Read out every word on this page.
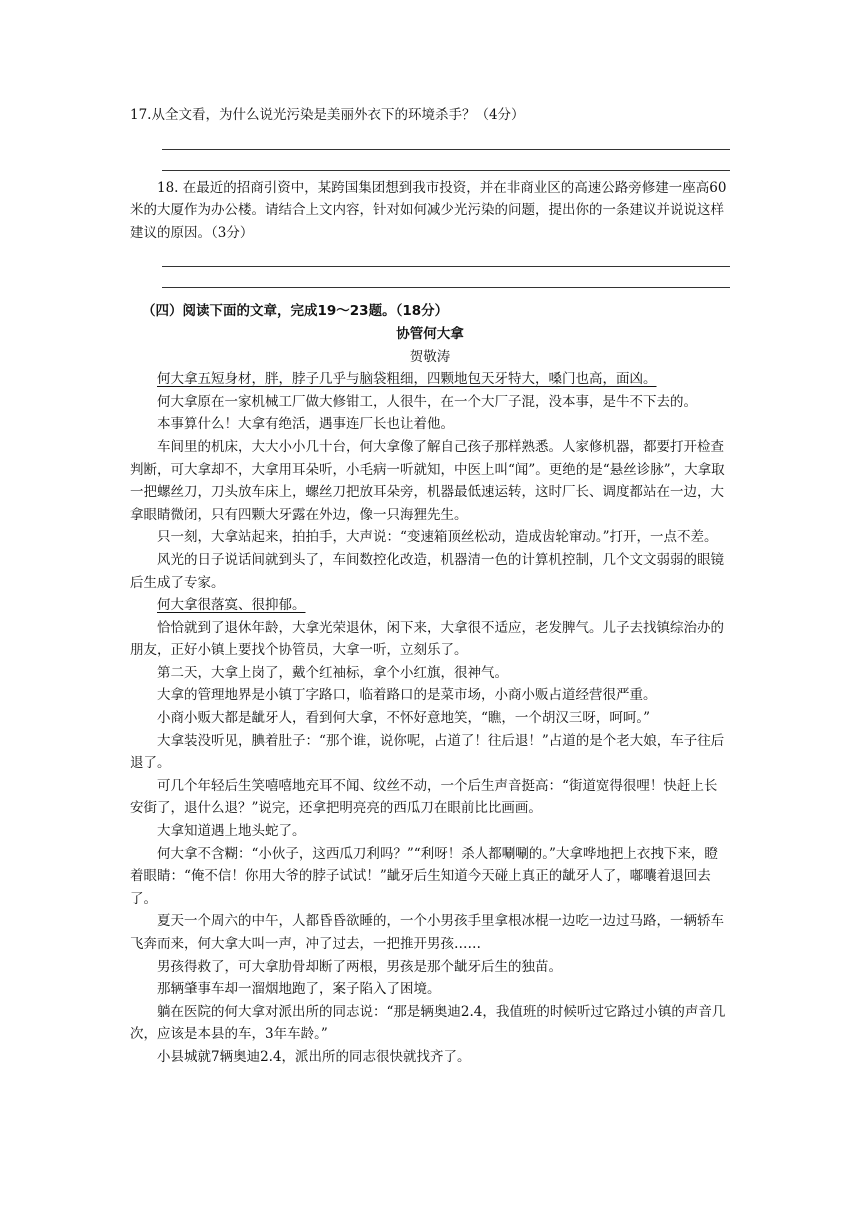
17.从全文看，为什么说光污染是美丽外衣下的环境杀手？（4分）

18. 在最近的招商引资中，某跨国集团想到我市投资，并在非商业区的高速公路旁修建一座高60米的大厦作为办公楼。请结合上文内容，针对如何减少光污染的问题，提出你的一条建议并说说这样建议的原因。（3分）

（四）阅读下面的文章，完成19～23题。（18分）

协管何大拿

贺敬涛

何大拿五短身材，胖，脖子几乎与脑袋粗细，四颗地包天牙特大，嗓门也高，面凶。

何大拿原在一家机械工厂做大修钳工，人很牛，在一个大厂子混，没本事，是牛不下去的。

本事算什么！大拿有绝活，遇事连厂长也让着他。

车间里的机床，大大小小几十台，何大拿像了解自己孩子那样熟悉。人家修机器，都要打开检查判断，可大拿却不，大拿用耳朵听，小毛病一听就知，中医上叫“闻”。更绝的是“悬丝诊脉”，大拿取一把螺丝刀，刀头放车床上，螺丝刀把放耳朵旁，机器最低速运转，这时厂长、调度都站在一边，大拿眼睛微闭，只有四颗大牙露在外边，像一只海狸先生。

只一刻，大拿站起来，拍拍手，大声说：“变速箱顶丝松动，造成齿轮窜动。”打开，一点不差。

风光的日子说话间就到头了，车间数控化改造，机器清一色的计算机控制，几个文文弱弱的眼镜后生成了专家。

何大拿很落寞、很抑郁。

恰恰就到了退休年龄，大拿光荣退休，闲下来，大拿很不适应，老发脾气。儿子去找镇综治办的朋友，正好小镇上要找个协管员，大拿一听，立刻乐了。

第二天，大拿上岗了，戴个红袖标，拿个小红旗，很神气。

大拿的管理地界是小镇丁字路口，临着路口的是菜市场，小商小贩占道经营很严重。

小商小贩大都是龇牙人，看到何大拿，不怀好意地笑，“瞧，一个胡汉三呀，呵呵。”

大拿装没听见，腆着肚子：“那个谁，说你呢，占道了！往后退！”占道的是个老大娘，车子往后退了。

可几个年轻后生笑嘻嘻地充耳不闻、纹丝不动，一个后生声音挺高：“街道宽得很哩！快赶上长安街了，退什么退？”说完，还拿把明亮亮的西瓜刀在眼前比比画画。

大拿知道遇上地头蛇了。

何大拿不含糊：“小伙子，这西瓜刀利吗？”“利呀！杀人都唰唰的。”大拿哗地把上衣拽下来，瞪着眼睛：“俺不信！你用大爷的脖子试试！”龇牙后生知道今天碰上真正的龇牙人了，嘟囔着退回去了。

夏天一个周六的中午，人都昏昏欲睡的，一个小男孩手里拿根冰棍一边吃一边过马路，一辆轿车飞奔而来，何大拿大叫一声，冲了过去，一把推开男孩……

男孩得救了，可大拿肋骨却断了两根，男孩是那个龇牙后生的独苗。

那辆肇事车却一溜烟地跑了，案子陷入了困境。

躺在医院的何大拿对派出所的同志说：“那是辆奥迪2.4，我值班的时候听过它路过小镇的声音几次，应该是本县的车，3年车龄。”

小县城就7辆奥迪2.4，派出所的同志很快就找齐了。
